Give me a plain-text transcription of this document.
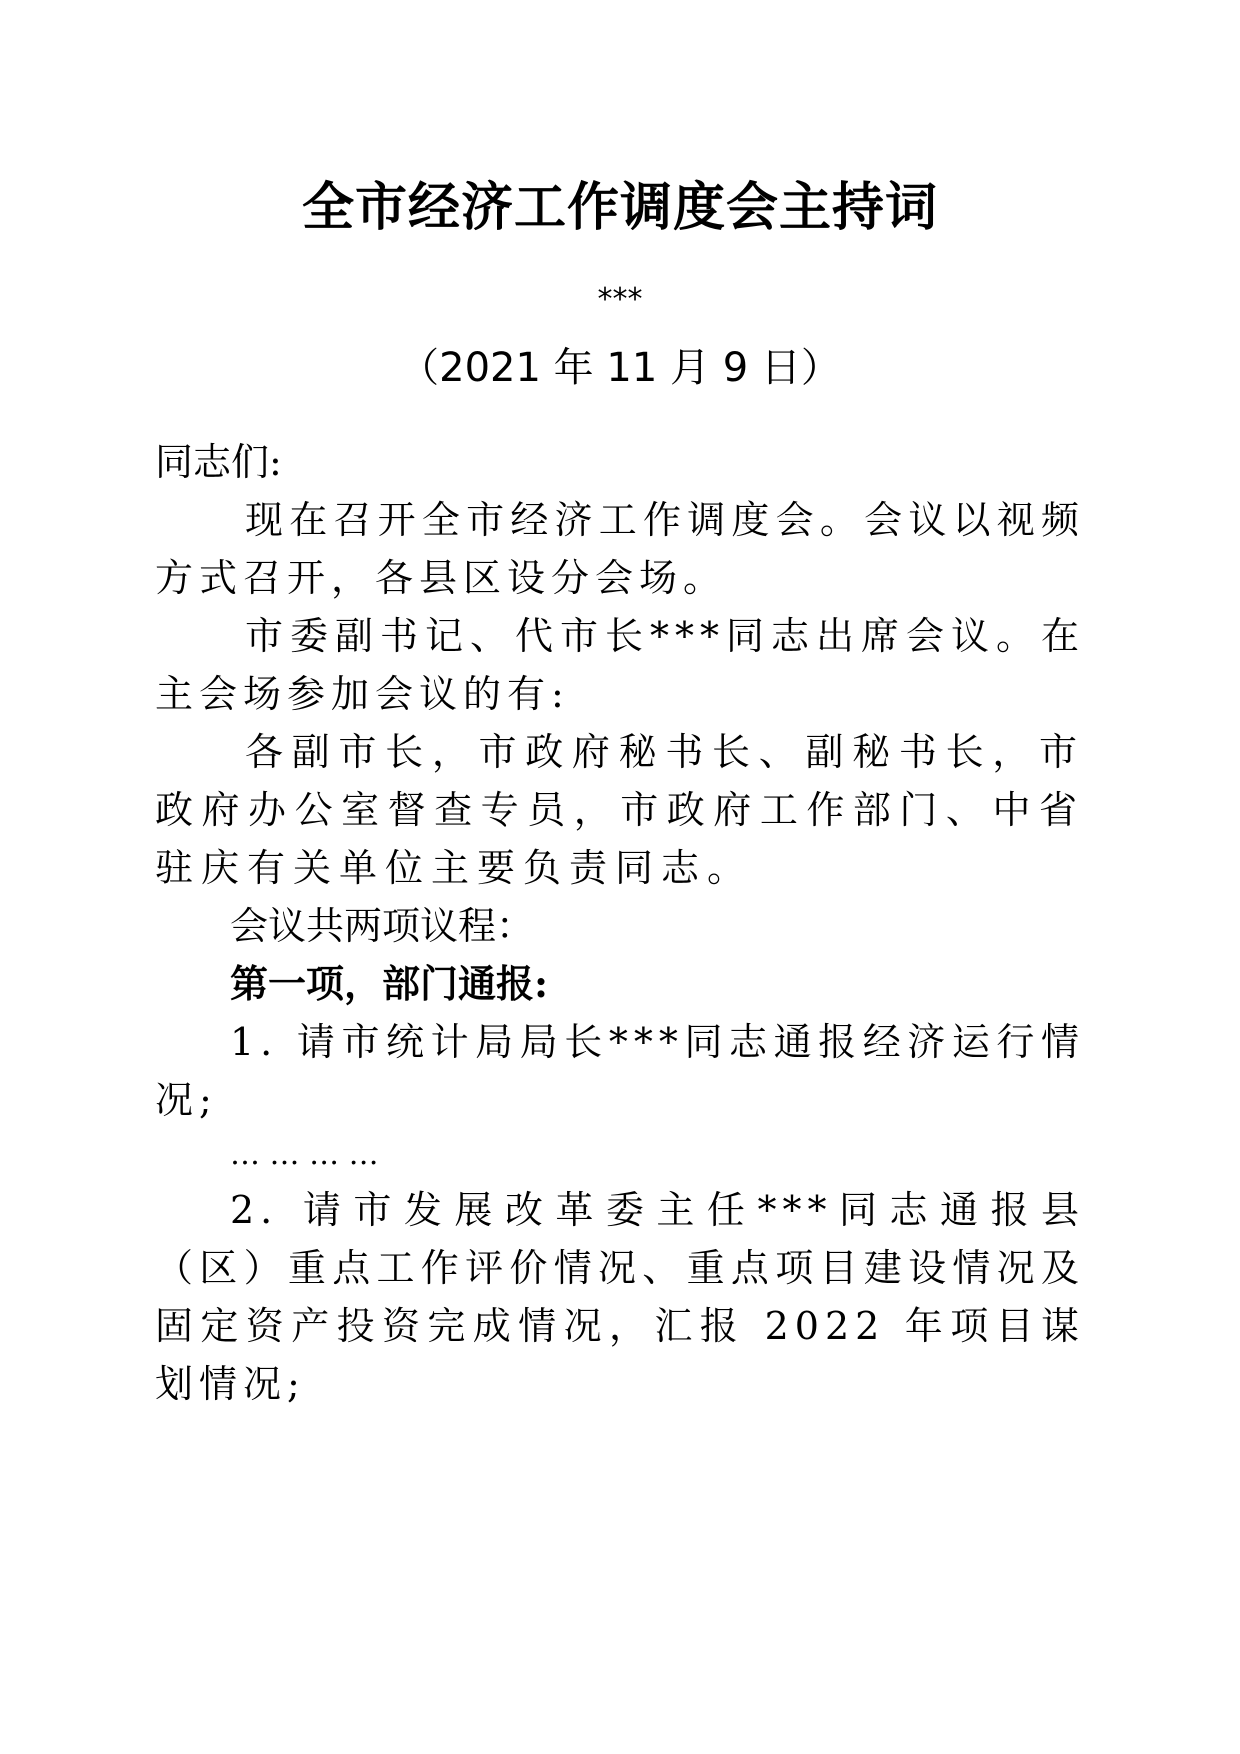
全市经济工作调度会主持词
***
（2021 年 11 月 9 日）

同志们:

现在召开全市经济工作调度会。会议以视频方式召开，各县区设分会场。

市委副书记、代市长***同志出席会议。在主会场参加会议的有:

各副市长，市政府秘书长、副秘书长，市政府办公室督查专员，市政府工作部门、中省驻庆有关单位主要负责同志。

会议共两项议程：

第一项，部门通报:

1. 请市统计局局长***同志通报经济运行情况;

… … … …

2. 请市发展改革委主任***同志通报县（区）重点工作评价情况、重点项目建设情况及固定资产投资完成情况，汇报 2022 年项目谋划情况;
